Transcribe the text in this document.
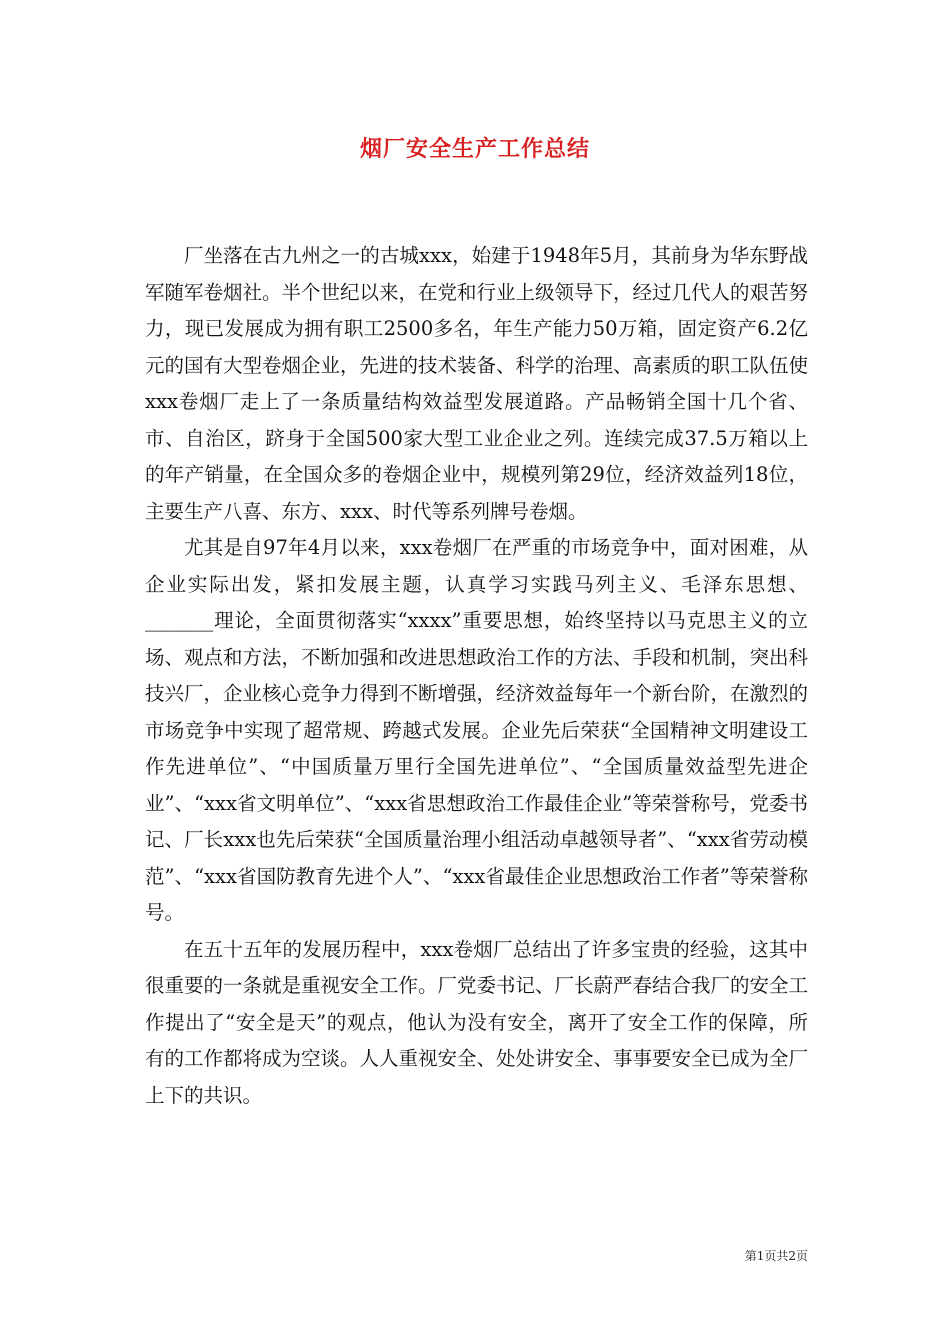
烟厂安全生产工作总结

厂坐落在古九州之一的古城xxx，始建于1948年5月，其前身为华东野战军随军卷烟社。半个世纪以来，在党和行业上级领导下，经过几代人的艰苦努力，现已发展成为拥有职工2500多名，年生产能力50万箱，固定资产6.2亿元的国有大型卷烟企业，先进的技术装备、科学的治理、高素质的职工队伍使xxx卷烟厂走上了一条质量结构效益型发展道路。产品畅销全国十几个省、市、自治区，跻身于全国500家大型工业企业之列。连续完成37.5万箱以上的年产销量，在全国众多的卷烟企业中，规模列第29位，经济效益列18位，主要生产八喜、东方、xxx、时代等系列牌号卷烟。

尤其是自97年4月以来，xxx卷烟厂在严重的市场竞争中，面对困难，从企业实际出发，紧扣发展主题，认真学习实践马列主义、毛泽东思想、_______理论，全面贯彻落实“xxxx”重要思想，始终坚持以马克思主义的立场、观点和方法，不断加强和改进思想政治工作的方法、手段和机制，突出科技兴厂，企业核心竞争力得到不断增强，经济效益每年一个新台阶，在激烈的市场竞争中实现了超常规、跨越式发展。企业先后荣获“全国精神文明建设工作先进单位”、“中国质量万里行全国先进单位”、“全国质量效益型先进企业”、“xxx省文明单位”、“xxx省思想政治工作最佳企业”等荣誉称号，党委书记、厂长xxx也先后荣获“全国质量治理小组活动卓越领导者”、“xxx省劳动模范”、“xxx省国防教育先进个人”、“xxx省最佳企业思想政治工作者”等荣誉称号。

在五十五年的发展历程中，xxx卷烟厂总结出了许多宝贵的经验，这其中很重要的一条就是重视安全工作。厂党委书记、厂长蔚严春结合我厂的安全工作提出了“安全是天”的观点，他认为没有安全，离开了安全工作的保障，所有的工作都将成为空谈。人人重视安全、处处讲安全、事事要安全已成为全厂上下的共识。

第1页共2页
